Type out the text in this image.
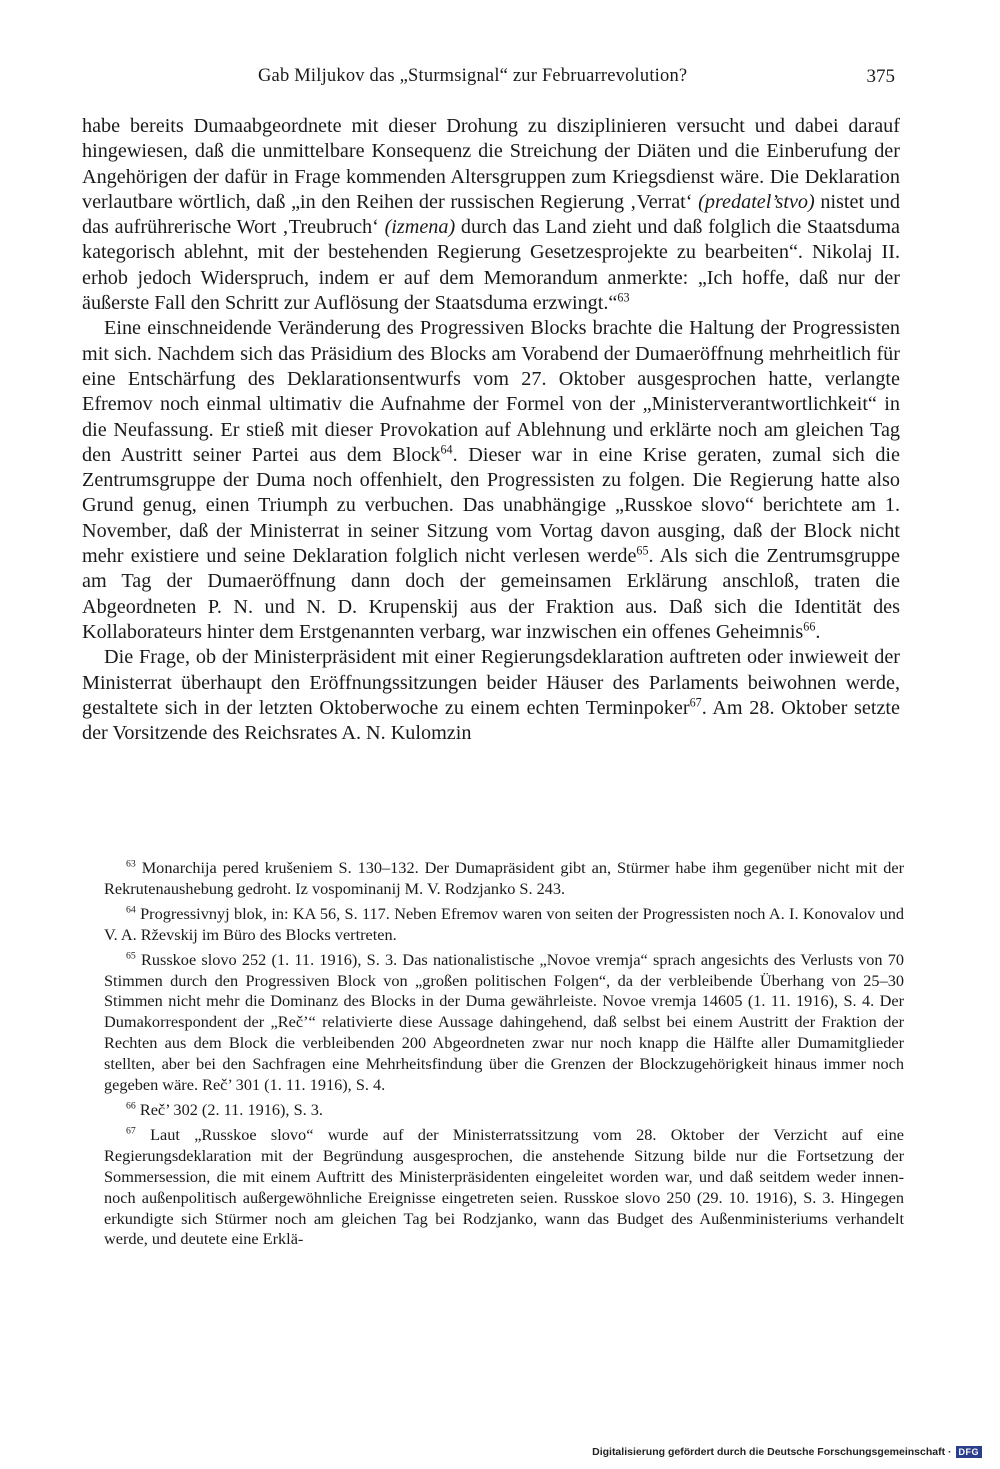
Gab Miljukov das „Sturmsignal“ zur Februarrevolution?	375

habe bereits Dumaabgeordnete mit dieser Drohung zu disziplinieren versucht und dabei darauf hingewiesen, daß die unmittelbare Konsequenz die Streichung der Diäten und die Einberufung der Angehörigen der dafür in Frage kommenden Altersgruppen zum Kriegsdienst wäre. Die Deklaration verlautbare wörtlich, daß „in den Reihen der russischen Regierung ‚Verrat‘ (predatel’stvo) nistet und das aufrührerische Wort ‚Treubruch‘ (izmena) durch das Land zieht und daß folglich die Staatsduma kategorisch ablehnt, mit der bestehenden Regierung Gesetzesprojekte zu bearbeiten“. Nikolaj II. erhob jedoch Widerspruch, indem er auf dem Memorandum anmerkte: „Ich hoffe, daß nur der äußerste Fall den Schritt zur Auflösung der Staatsduma erzwingt.“$^{63}$

Eine einschneidende Veränderung des Progressiven Blocks brachte die Haltung der Progressisten mit sich. Nachdem sich das Präsidium des Blocks am Vorabend der Dumaeröffnung mehrheitlich für eine Entschärfung des Deklarationsentwurfs vom 27. Oktober ausgesprochen hatte, verlangte Efremov noch einmal ultimativ die Aufnahme der Formel von der „Ministerverantwortlichkeit“ in die Neufassung. Er stieß mit dieser Provokation auf Ablehnung und erklärte noch am gleichen Tag den Austritt seiner Partei aus dem Block$^{64}$. Dieser war in eine Krise geraten, zumal sich die Zentrumsgruppe der Duma noch offenhielt, den Progressisten zu folgen. Die Regierung hatte also Grund genug, einen Triumph zu verbuchen. Das unabhängige „Russkoe slovo“ berichtete am 1. November, daß der Ministerrat in seiner Sitzung vom Vortag davon ausging, daß der Block nicht mehr existiere und seine Deklaration folglich nicht verlesen werde$^{65}$. Als sich die Zentrumsgruppe am Tag der Dumaeröffnung dann doch der gemeinsamen Erklärung anschloß, traten die Abgeordneten P. N. und N. D. Krupenskij aus der Fraktion aus. Daß sich die Identität des Kollaborateurs hinter dem Erstgenannten verbarg, war inzwischen ein offenes Geheimnis$^{66}$.

Die Frage, ob der Ministerpräsident mit einer Regierungsdeklaration auftreten oder inwieweit der Ministerrat überhaupt den Eröffnungssitzungen beider Häuser des Parlaments beiwohnen werde, gestaltete sich in der letzten Oktoberwoche zu einem echten Terminpoker$^{67}$. Am 28. Oktober setzte der Vorsitzende des Reichsrates A. N. Kulomzin

$^{63}$ Monarchija pered krušeniem S. 130–132. Der Dumapräsident gibt an, Stürmer habe ihm gegenüber nicht mit der Rekrutenaushebung gedroht. Iz vospominanij M. V. Rodzjanko S. 243.

$^{64}$ Progressivnyj blok, in: KA 56, S. 117. Neben Efremov waren von seiten der Progressisten noch A. I. Konovalov und V. A. Rževskij im Büro des Blocks vertreten.

$^{65}$ Russkoe slovo 252 (1. 11. 1916), S. 3. Das nationalistische „Novoe vremja“ sprach angesichts des Verlusts von 70 Stimmen durch den Progressiven Block von „großen politischen Folgen“, da der verbleibende Überhang von 25–30 Stimmen nicht mehr die Dominanz des Blocks in der Duma gewährleiste. Novoe vremja 14605 (1. 11. 1916), S. 4. Der Dumakorrespondent der „Reč’“ relativierte diese Aussage dahingehend, daß selbst bei einem Austritt der Fraktion der Rechten aus dem Block die verbleibenden 200 Abgeordneten zwar nur noch knapp die Hälfte aller Dumamitglieder stellten, aber bei den Sachfragen eine Mehrheitsfindung über die Grenzen der Blockzugehörigkeit hinaus immer noch gegeben wäre. Reč’ 301 (1. 11. 1916), S. 4.

$^{66}$ Reč’ 302 (2. 11. 1916), S. 3.

$^{67}$ Laut „Russkoe slovo“ wurde auf der Ministerratssitzung vom 28. Oktober der Verzicht auf eine Regierungsdeklaration mit der Begründung ausgesprochen, die anstehende Sitzung bilde nur die Fortsetzung der Sommersession, die mit einem Auftritt des Ministerpräsidenten eingeleitet worden war, und daß seitdem weder innen- noch außenpolitisch außergewöhnliche Ereignisse eingetreten seien. Russkoe slovo 250 (29. 10. 1916), S. 3. Hingegen erkundigte sich Stürmer noch am gleichen Tag bei Rodzjanko, wann das Budget des Außenministeriums verhandelt werde, und deutete eine Erklä-

Digitalisierung gefördert durch die Deutsche Forschungsgemeinschaft · DFG
